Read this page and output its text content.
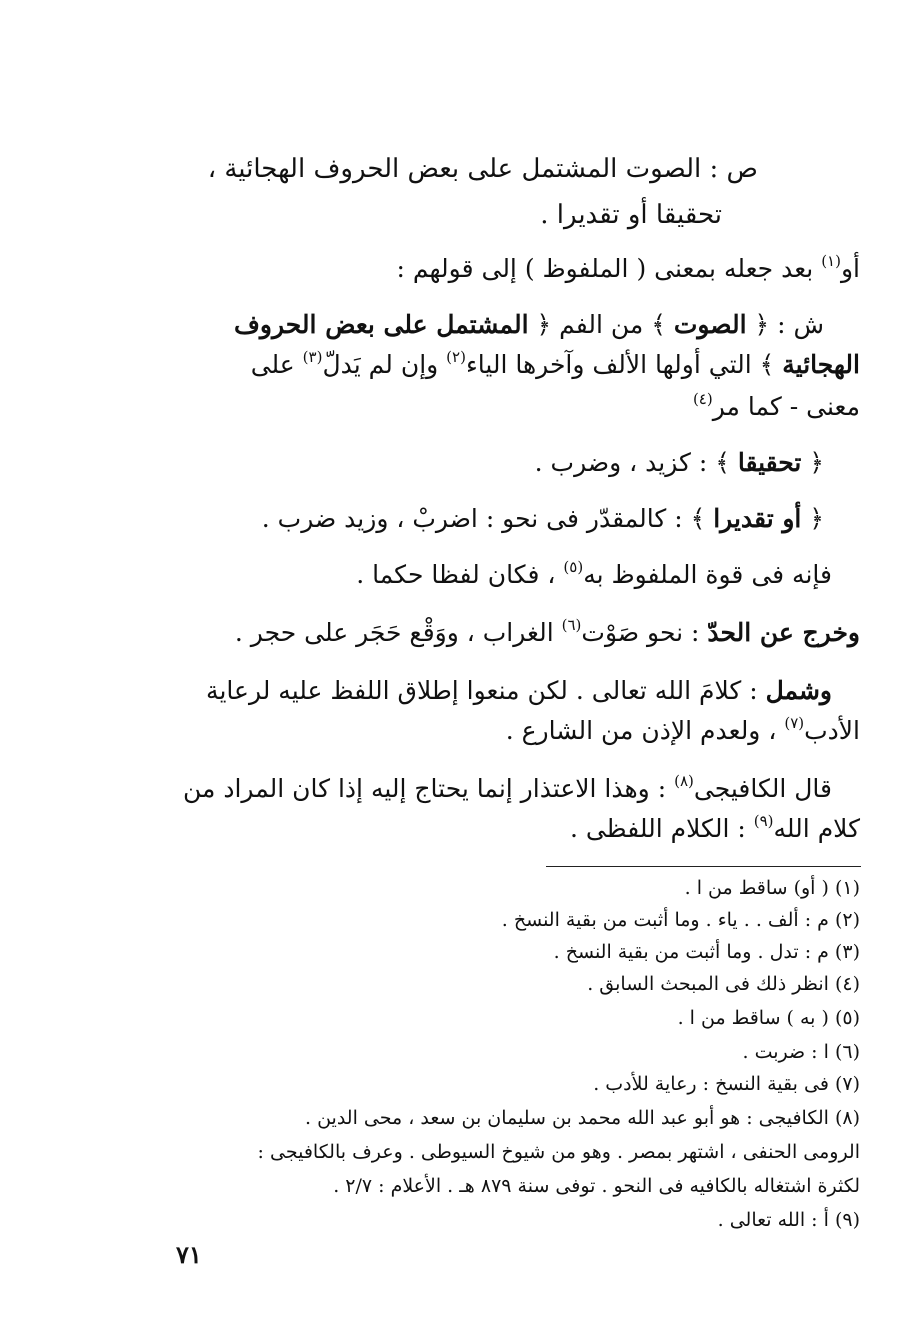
ص : الصوت المشتمل على بعض الحروف الهجائية ،
تحقيقا أو تقديرا .
أو$^{(١)}$ بعد جعله بمعنى ( الملفوظ ) إلى قولهم :
ش : ﴿ الصوت ﴾ من الفم ﴿ المشتمل على بعض الحروف
الهجائية ﴾ التي أولها الألف وآخرها الياء$^{(٢)}$ وإن لم يَدلّ$^{(٣)}$ على
معنى - كما مر$^{(٤)}$
﴿ تحقيقا ﴾ : كزيد ، وضرب .
﴿ أو تقديرا ﴾ : كالمقدّر فى نحو : اضربْ ، وزيد ضرب .
فإنه فى قوة الملفوظ به$^{(٥)}$ ، فكان لفظا حكما .
وخرج عن الحدّ : نحو صَوْت$^{(٦)}$ الغراب ، ووَقْع حَجَر على حجر .
وشمل : كلامَ الله تعالى . لكن منعوا إطلاق اللفظ عليه لرعاية
الأدب$^{(٧)}$ ، ولعدم الإذن من الشارع .
قال الكافيجى$^{(٨)}$ : وهذا الاعتذار إنما يحتاج إليه إذا كان المراد من
كلام الله$^{(٩)}$ : الكلام اللفظى .
(١) ( أو) ساقط من ا .
(٢) م : ألف . . ياء . وما أثبت من بقية النسخ .
(٣) م : تدل . وما أثبت من بقية النسخ .
(٤) انظر ذلك فى المبحث السابق .
(٥) ( به ) ساقط من ا .
(٦) ا : ضربت .
(٧) فى بقية النسخ : رعاية للأدب .
(٨) الكافيجى : هو أبو عبد الله محمد بن سليمان بن سعد ، محى الدين .
الرومى الحنفى ، اشتهر بمصر . وهو من شيوخ السيوطى . وعرف بالكافيجى :
لكثرة اشتغاله بالكافيه فى النحو . توفى سنة ٨٧٩ هـ . الأعلام : ٢/٧ .
(٩) أ : الله تعالى .
٧١
